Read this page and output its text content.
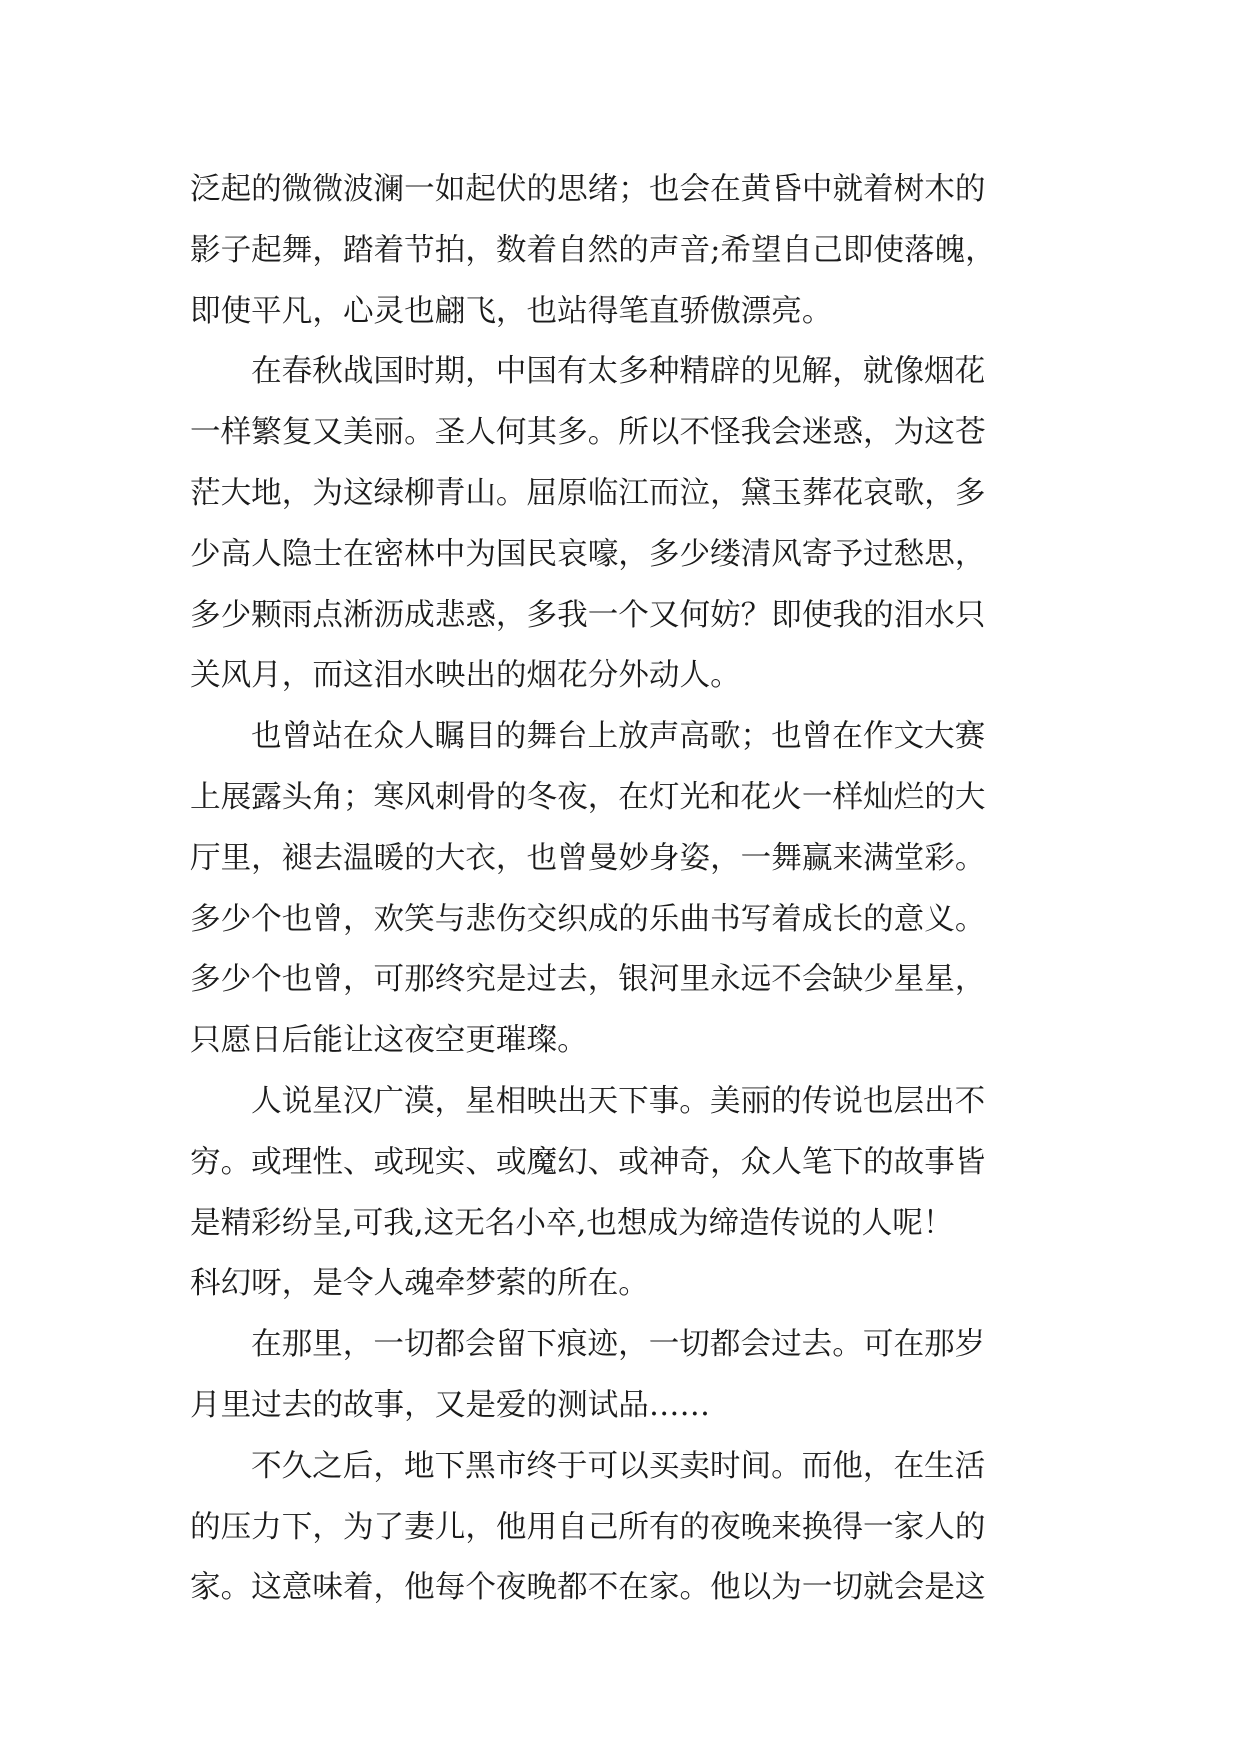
泛起的微微波澜一如起伏的思绪；也会在黄昏中就着树木的
影子起舞，踏着节拍，数着自然的声音;希望自己即使落魄，
即使平凡，心灵也翩飞，也站得笔直骄傲漂亮。

在春秋战国时期，中国有太多种精辟的见解，就像烟花
一样繁复又美丽。圣人何其多。所以不怪我会迷惑，为这苍
茫大地，为这绿柳青山。屈原临江而泣，黛玉葬花哀歌，多
少高人隐士在密林中为国民哀嚎，多少缕清风寄予过愁思，
多少颗雨点淅沥成悲惑，多我一个又何妨？即使我的泪水只
关风月，而这泪水映出的烟花分外动人。

也曾站在众人瞩目的舞台上放声高歌；也曾在作文大赛
上展露头角；寒风刺骨的冬夜，在灯光和花火一样灿烂的大
厅里，褪去温暖的大衣，也曾曼妙身姿，一舞赢来满堂彩。
多少个也曾，欢笑与悲伤交织成的乐曲书写着成长的意义。
多少个也曾，可那终究是过去，银河里永远不会缺少星星，
只愿日后能让这夜空更璀璨。

人说星汉广漠，星相映出天下事。美丽的传说也层出不
穷。或理性、或现实、或魔幻、或神奇，众人笔下的故事皆
是精彩纷呈,可我,这无名小卒,也想成为缔造传说的人呢！
科幻呀，是令人魂牵梦萦的所在。

在那里，一切都会留下痕迹，一切都会过去。可在那岁
月里过去的故事，又是爱的测试品……

不久之后，地下黑市终于可以买卖时间。而他，在生活
的压力下，为了妻儿，他用自己所有的夜晚来换得一家人的
家。这意味着，他每个夜晚都不在家。他以为一切就会是这
